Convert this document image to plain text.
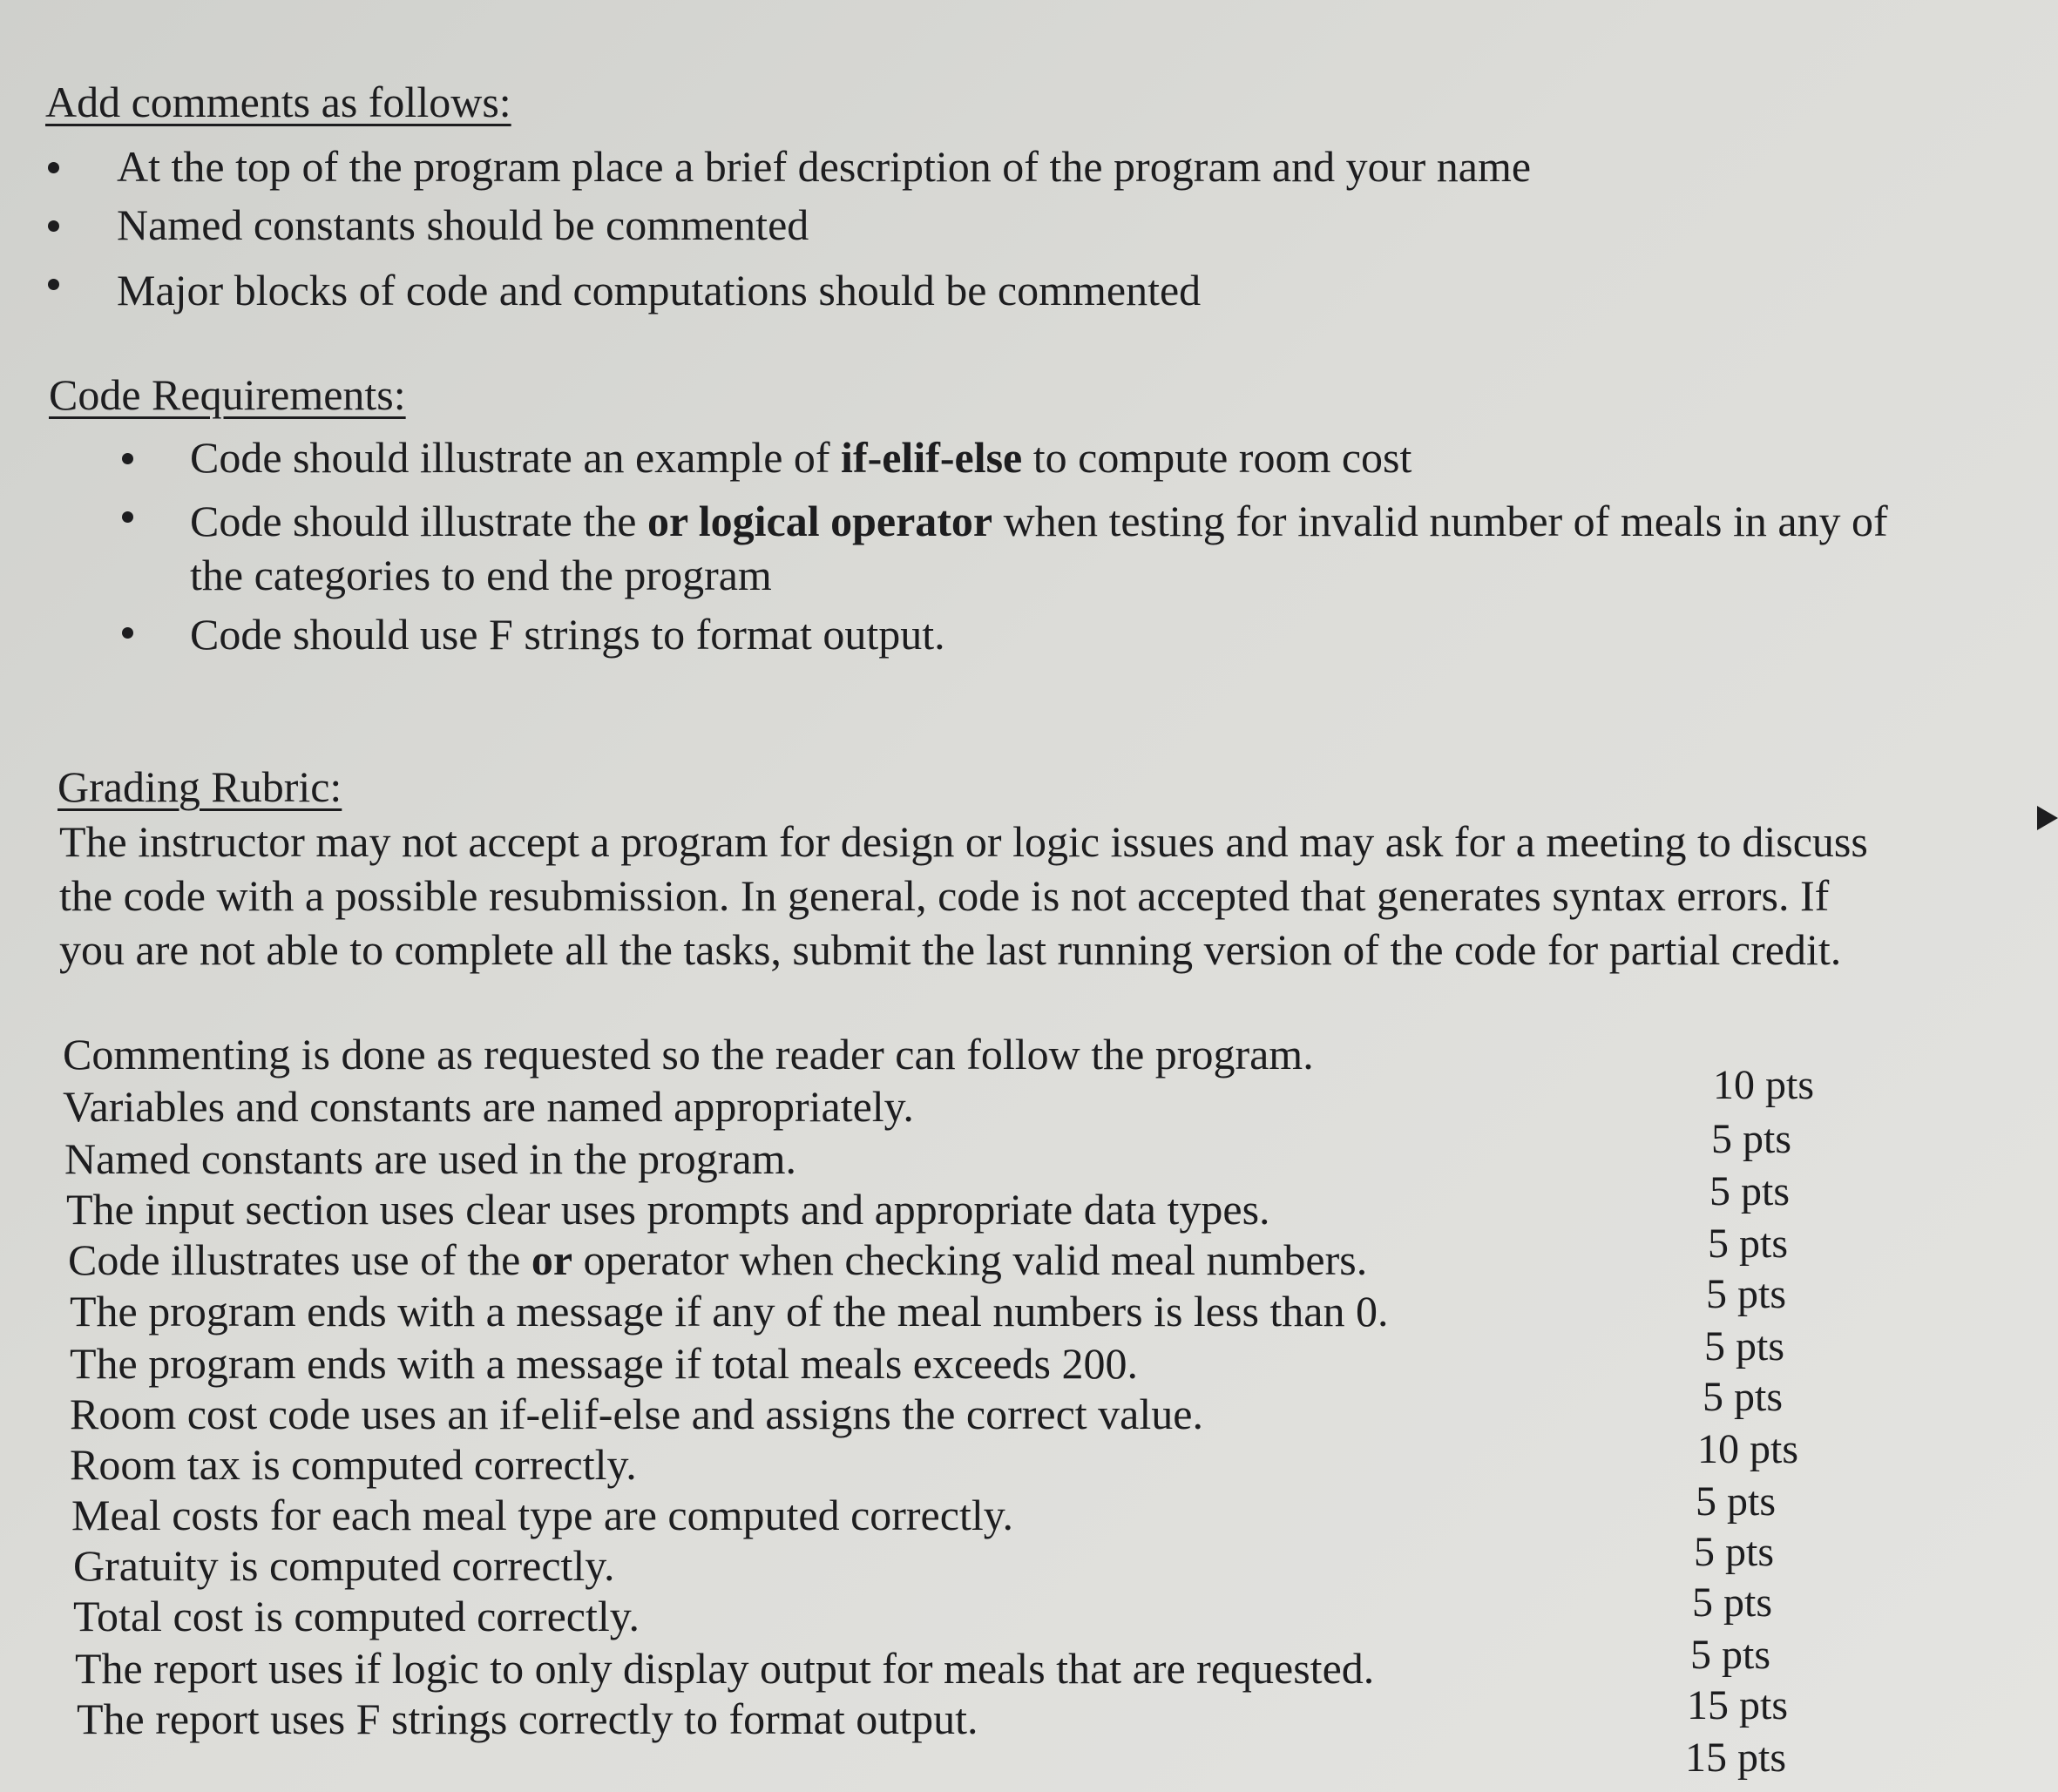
Add comments as follows:
At the top of the program place a brief description of the program and your name
Named constants should be commented
Major blocks of code and computations should be commented
Code Requirements:
Code should illustrate an example of if-elif-else to compute room cost
Code should illustrate the or logical operator when testing for invalid number of meals in any of
the categories to end the program
Code should use F strings to format output.
Grading Rubric:
The instructor may not accept a program for design or logic issues and may ask for a meeting to discuss
the code with a possible resubmission. In general, code is not accepted that generates syntax errors. If
you are not able to complete all the tasks, submit the last running version of the code for partial credit.
Commenting is done as requested so the reader can follow the program.
Variables and constants are named appropriately.
Named constants are used in the program.
The input section uses clear uses prompts and appropriate data types.
Code illustrates use of the or operator when checking valid meal numbers.
The program ends with a message if any of the meal numbers is less than 0.
The program ends with a message if total meals exceeds 200.
Room cost code uses an if-elif-else and assigns the correct value.
Room tax is computed correctly.
Meal costs for each meal type are computed correctly.
Gratuity is computed correctly.
Total cost is computed correctly.
The report uses if logic to only display output for meals that are requested.
The report uses F strings correctly to format output.
10 pts
5 pts
5 pts
5 pts
5 pts
5 pts
5 pts
10 pts
5 pts
5 pts
5 pts
5 pts
15 pts
15 pts
